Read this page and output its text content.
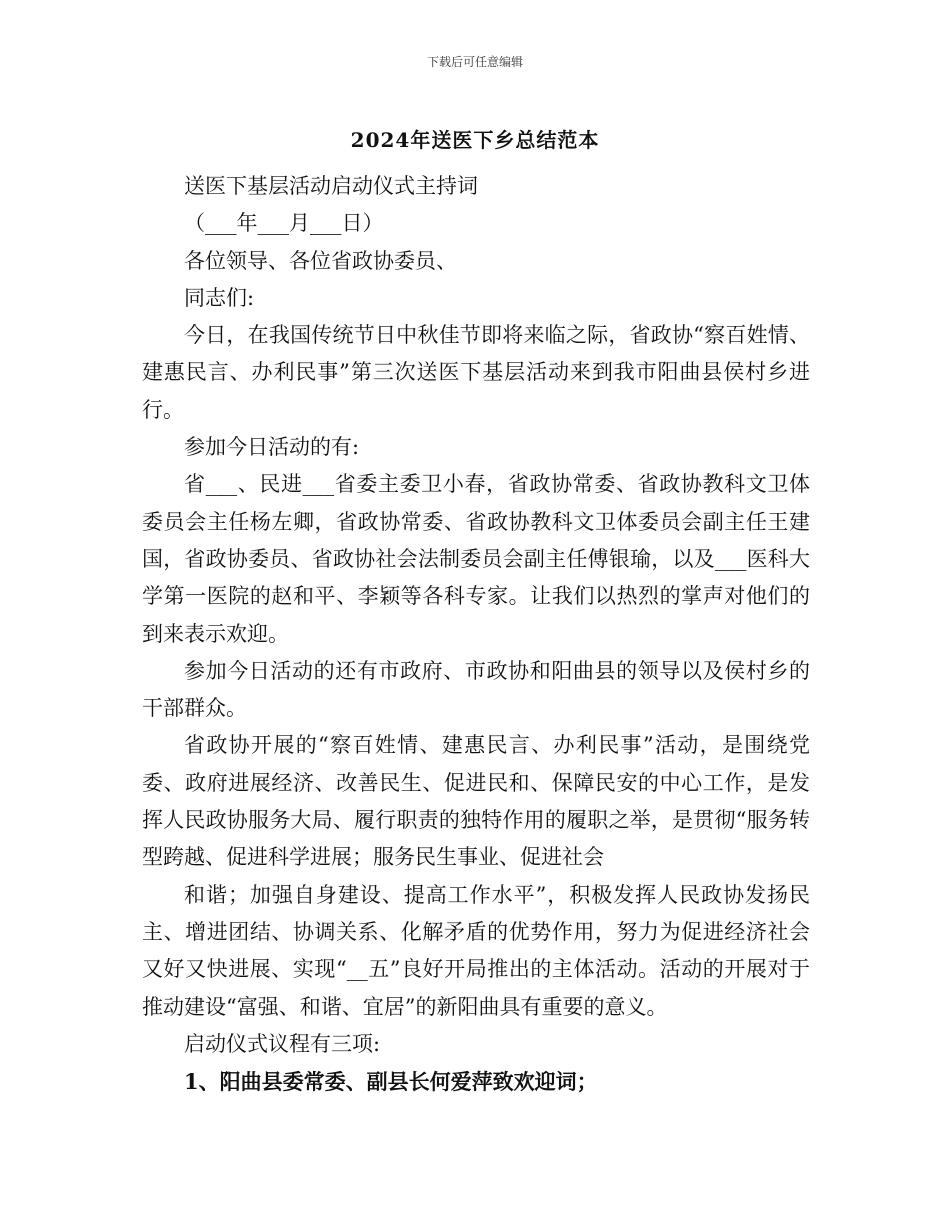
下载后可任意编辑
2024年送医下乡总结范本

送医下基层活动启动仪式主持词

（___年___月___日）

各位领导、各位省政协委员、

同志们:

今日，在我国传统节日中秋佳节即将来临之际，省政协“察百姓情、建惠民言、办利民事”第三次送医下基层活动来到我市阳曲县侯村乡进行。

参加今日活动的有:

省___、民进___省委主委卫小春，省政协常委、省政协教科文卫体委员会主任杨左卿，省政协常委、省政协教科文卫体委员会副主任王建国，省政协委员、省政协社会法制委员会副主任傅银瑜，以及___医科大学第一医院的赵和平、李颖等各科专家。让我们以热烈的掌声对他们的到来表示欢迎。

参加今日活动的还有市政府、市政协和阳曲县的领导以及侯村乡的干部群众。

省政协开展的“察百姓情、建惠民言、办利民事”活动，是围绕党委、政府进展经济、改善民生、促进民和、保障民安的中心工作，是发挥人民政协服务大局、履行职责的独特作用的履职之举，是贯彻“服务转型跨越、促进科学进展；服务民生事业、促进社会

和谐；加强自身建设、提高工作水平”，积极发挥人民政协发扬民主、增进团结、协调关系、化解矛盾的优势作用，努力为促进经济社会又好又快进展、实现“__五”良好开局推出的主体活动。活动的开展对于推动建设“富强、和谐、宜居”的新阳曲具有重要的意义。

启动仪式议程有三项:

1、阳曲县委常委、副县长何爱萍致欢迎词；
